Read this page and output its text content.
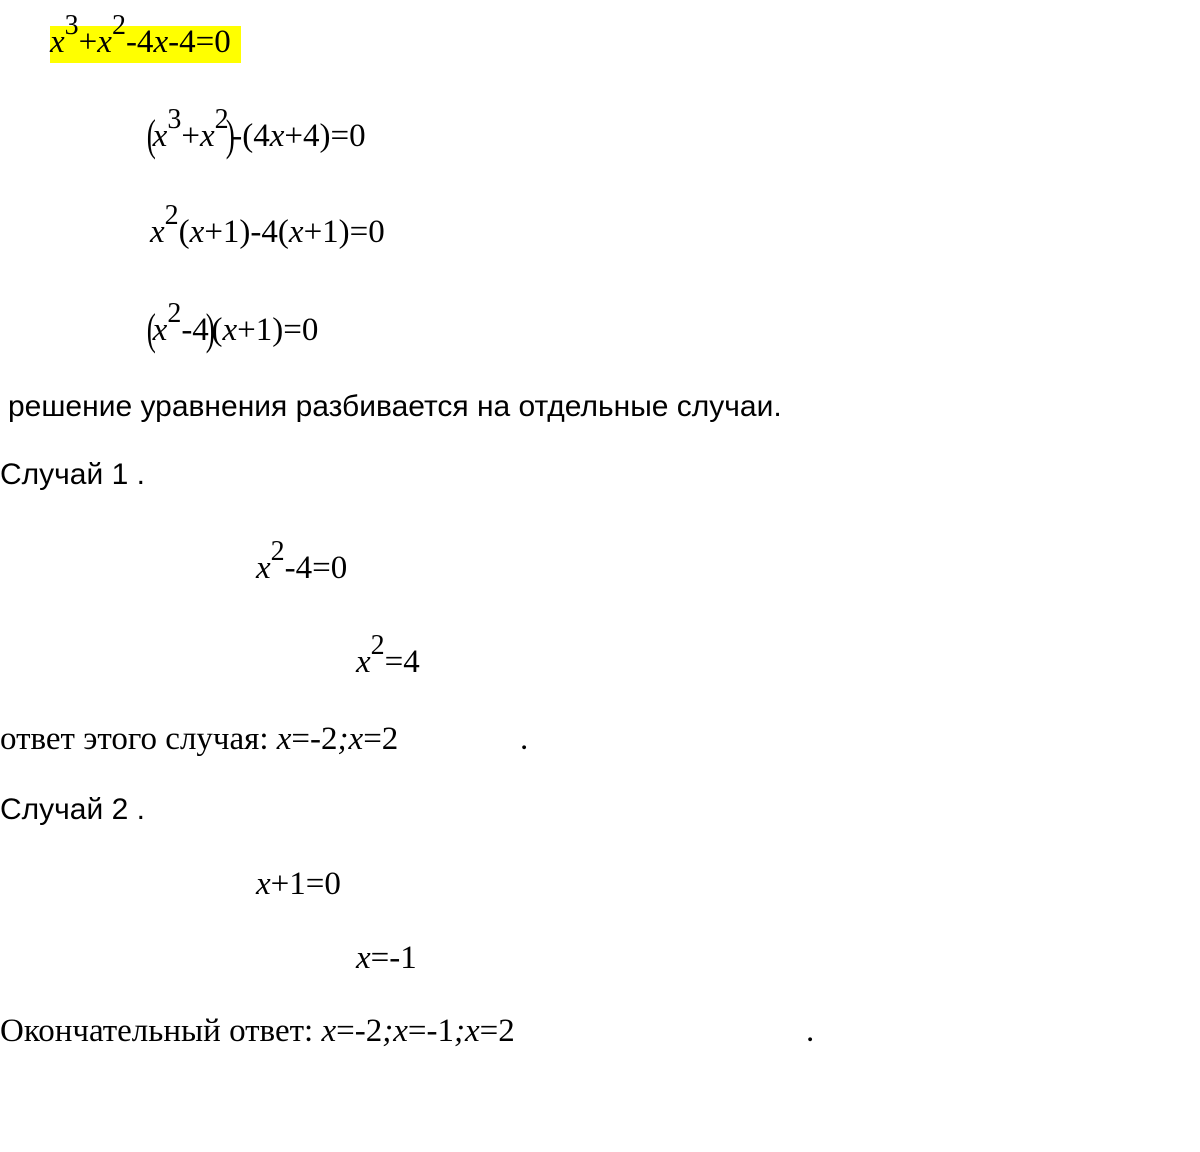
$x^3+x^2-4x-4=0$
$(x^3+x^2)-(4x+4)=0$
$x^2(x+1)-4(x+1)=0$
$(x^2-4)(x+1)=0$
решение уравнения разбивается на отдельные случаи.
Случай 1 .
$x^2-4=0$
$x^2=4$
ответ этого случая: x=-2;x=2	.
Случай 2 .
x+1=0
x=-1
Окончательный ответ: x=-2;x=-1;x=2	.
